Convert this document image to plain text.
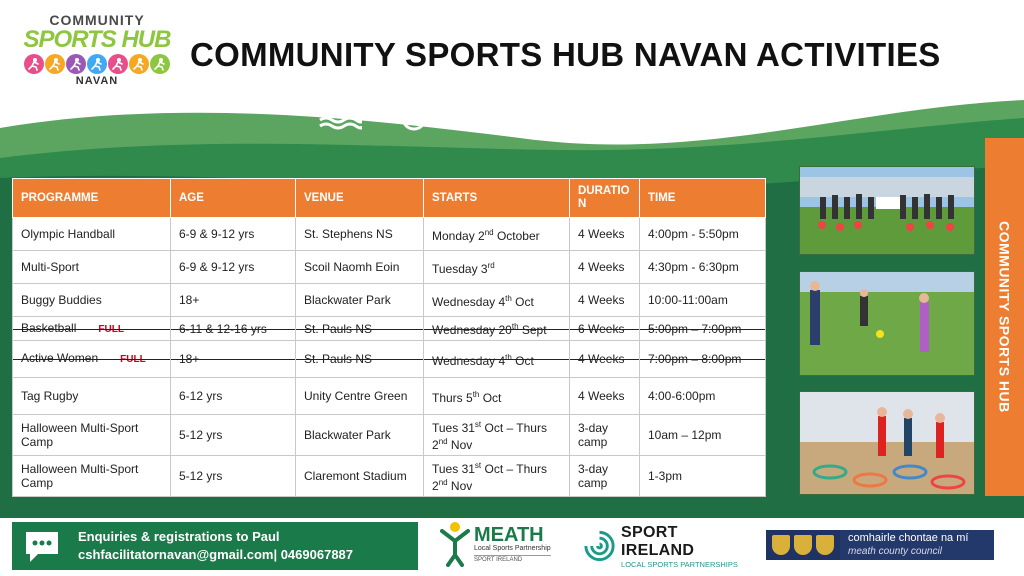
COMMUNITY
SPORTS HUB
NAVAN
COMMUNITY SPORTS HUB NAVAN ACTIVITIES
PROGRAMME	AGE	VENUE	STARTS	DURATIO N	TIME
Olympic Handball	6-9 & 9-12 yrs	St. Stephens NS	Monday 2nd October	4 Weeks	4:00pm - 5:50pm
Multi-Sport	6-9 & 9-12 yrs	Scoil Naomh Eoin	Tuesday 3rd	4 Weeks	4:30pm - 6:30pm
Buggy Buddies	18+	Blackwater Park	Wednesday 4th Oct	4 Weeks	10:00-11:00am
Basketball FULL	6-11 & 12-16 yrs	St. Pauls NS	Wednesday 20th Sept	6 Weeks	5:00pm – 7:00pm
Active Women FULL	18+	St. Pauls NS	Wednesday 4th Oct	4 Weeks	7:00pm – 8:00pm
Tag Rugby	6-12 yrs	Unity Centre Green	Thurs 5th Oct	4 Weeks	4:00-6:00pm
Halloween Multi-Sport Camp	5-12 yrs	Blackwater Park	Tues 31st Oct – Thurs 2nd Nov	3-day camp	10am – 12pm
Halloween Multi-Sport Camp	5-12 yrs	Claremont Stadium	Tues 31st Oct – Thurs 2nd Nov	3-day camp	1-3pm
COMMUNITY SPORTS HUB
Enquiries & registrations to Paul
cshfacilitatornavan@gmail.com| 0469067887
MEATH
Local Sports Partnership
SPORT IRELAND
SPORT IRELAND
LOCAL SPORTS PARTNERSHIPS
comhairle chontae na mí
meath county council
